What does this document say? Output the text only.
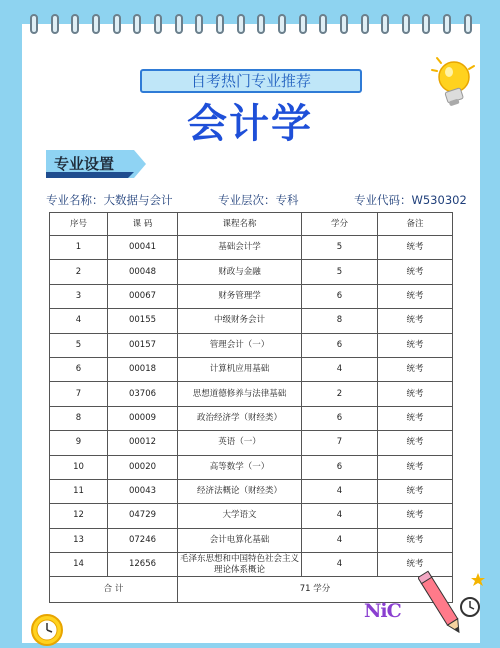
自考热门专业推荐
会计学
专业设置
专业名称：大数据与会计	专业层次：专科	专业代码：W530302
序号	课 码	课程名称	学分	备注
1	00041	基础会计学	5	统考
2	00048	财政与金融	5	统考
3	00067	财务管理学	6	统考
4	00155	中级财务会计	8	统考
5	00157	管理会计（一）	6	统考
6	00018	计算机应用基础	4	统考
7	03706	思想道德修养与法律基础	2	统考
8	00009	政治经济学（财经类）	6	统考
9	00012	英语（一）	7	统考
10	00020	高等数学（一）	6	统考
11	00043	经济法概论（财经类）	4	统考
12	04729	大学语文	4	统考
13	07246	会计电算化基础	4	统考
14	12656	毛泽东思想和中国特色社会主义理论体系概论	4	统考
合 计		71 学分		
NiC
